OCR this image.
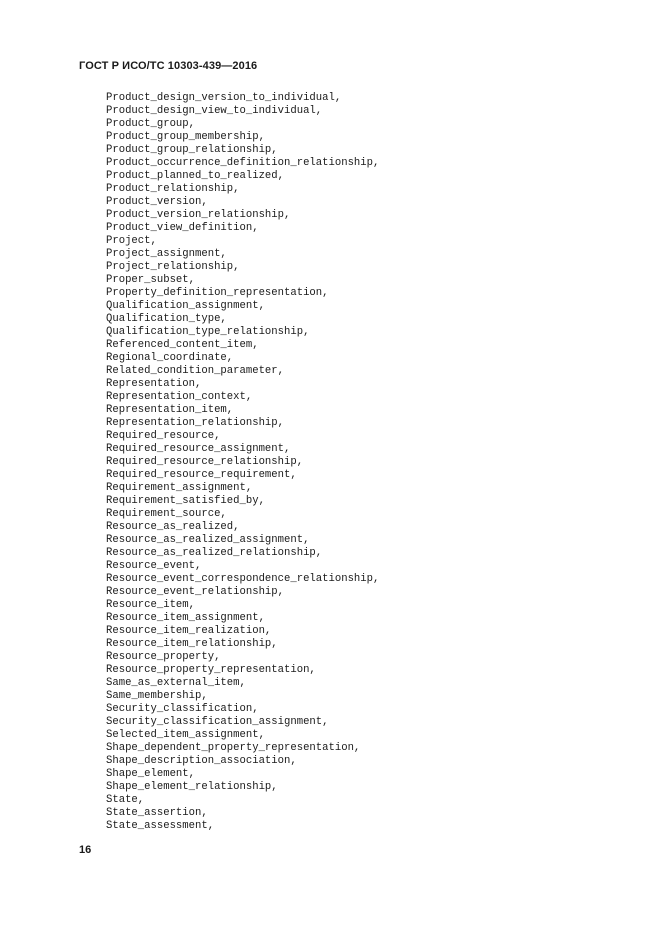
ГОСТ Р ИСО/ТС 10303-439—2016
Product_design_version_to_individual,
Product_design_view_to_individual,
Product_group,
Product_group_membership,
Product_group_relationship,
Product_occurrence_definition_relationship,
Product_planned_to_realized,
Product_relationship,
Product_version,
Product_version_relationship,
Product_view_definition,
Project,
Project_assignment,
Project_relationship,
Proper_subset,
Property_definition_representation,
Qualification_assignment,
Qualification_type,
Qualification_type_relationship,
Referenced_content_item,
Regional_coordinate,
Related_condition_parameter,
Representation,
Representation_context,
Representation_item,
Representation_relationship,
Required_resource,
Required_resource_assignment,
Required_resource_relationship,
Required_resource_requirement,
Requirement_assignment,
Requirement_satisfied_by,
Requirement_source,
Resource_as_realized,
Resource_as_realized_assignment,
Resource_as_realized_relationship,
Resource_event,
Resource_event_correspondence_relationship,
Resource_event_relationship,
Resource_item,
Resource_item_assignment,
Resource_item_realization,
Resource_item_relationship,
Resource_property,
Resource_property_representation,
Same_as_external_item,
Same_membership,
Security_classification,
Security_classification_assignment,
Selected_item_assignment,
Shape_dependent_property_representation,
Shape_description_association,
Shape_element,
Shape_element_relationship,
State,
State_assertion,
State_assessment,
16
